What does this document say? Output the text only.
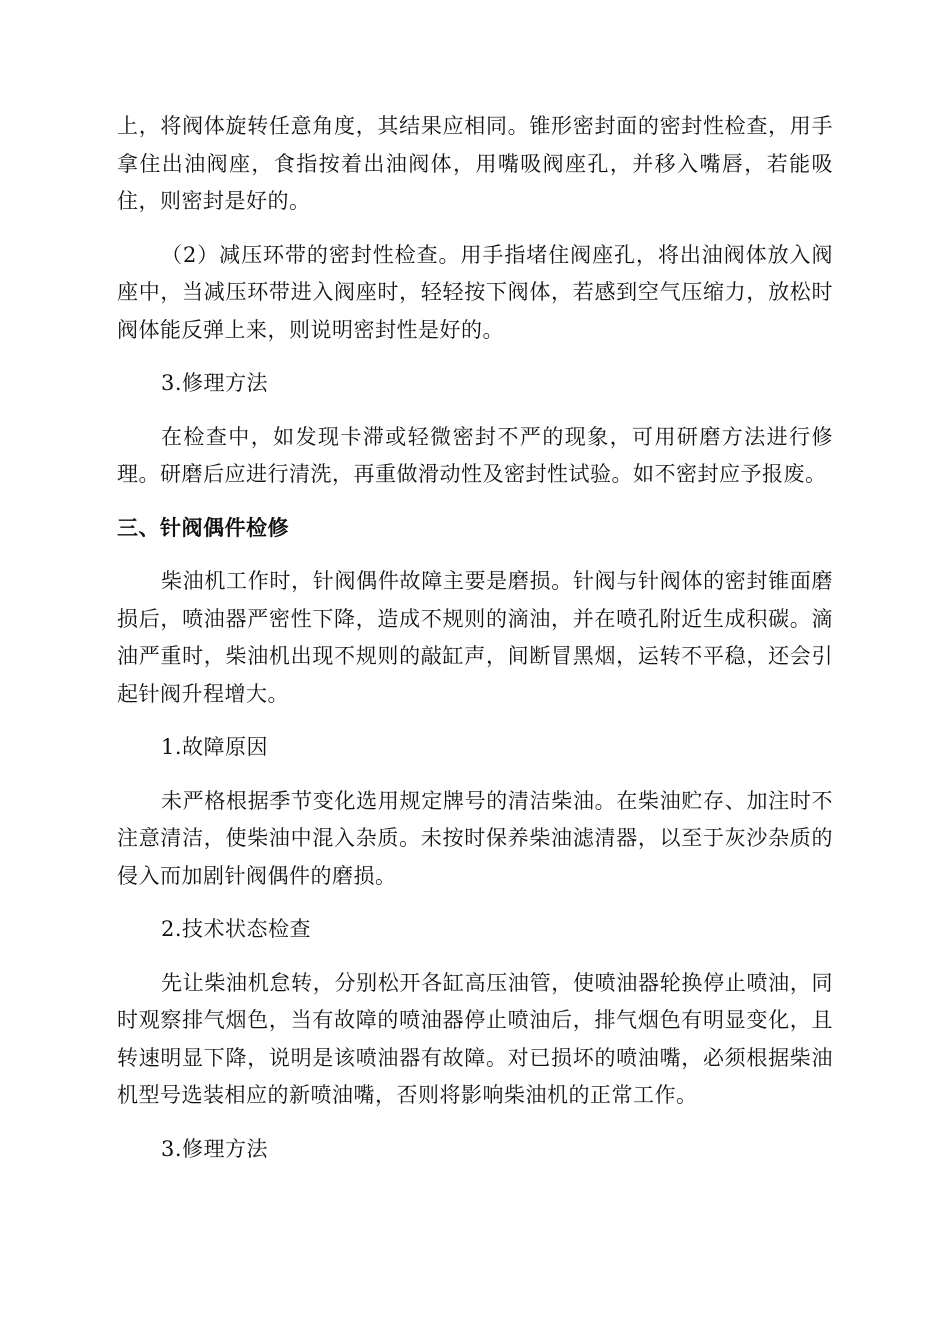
上，将阀体旋转任意角度，其结果应相同。锥形密封面的密封性检查，用手拿住出油阀座，食指按着出油阀体，用嘴吸阀座孔，并移入嘴唇，若能吸住，则密封是好的。

（2）减压环带的密封性检查。用手指堵住阀座孔，将出油阀体放入阀座中，当减压环带进入阀座时，轻轻按下阀体，若感到空气压缩力，放松时阀体能反弹上来，则说明密封性是好的。

3.修理方法

在检查中，如发现卡滞或轻微密封不严的现象，可用研磨方法进行修理。研磨后应进行清洗，再重做滑动性及密封性试验。如不密封应予报废。

三、针阀偶件检修

柴油机工作时，针阀偶件故障主要是磨损。针阀与针阀体的密封锥面磨损后，喷油器严密性下降，造成不规则的滴油，并在喷孔附近生成积碳。滴油严重时，柴油机出现不规则的敲缸声，间断冒黑烟，运转不平稳，还会引起针阀升程增大。

1.故障原因

未严格根据季节变化选用规定牌号的清洁柴油。在柴油贮存、加注时不注意清洁，使柴油中混入杂质。未按时保养柴油滤清器，以至于灰沙杂质的侵入而加剧针阀偶件的磨损。

2.技术状态检查

先让柴油机怠转，分别松开各缸高压油管，使喷油器轮换停止喷油，同时观察排气烟色，当有故障的喷油器停止喷油后，排气烟色有明显变化，且转速明显下降，说明是该喷油器有故障。对已损坏的喷油嘴，必须根据柴油机型号选装相应的新喷油嘴，否则将影响柴油机的正常工作。

3.修理方法
